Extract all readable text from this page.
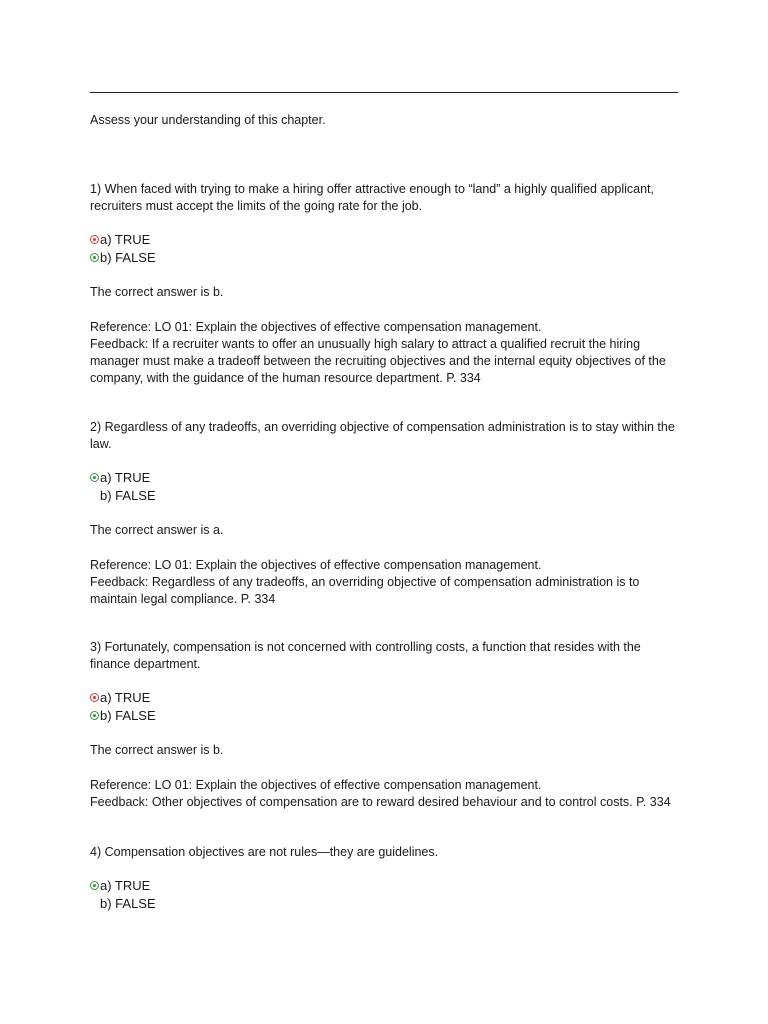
Assess your understanding of this chapter.

1) When faced with trying to make a hiring offer attractive enough to “land” a highly qualified applicant, recruiters must accept the limits of the going rate for the job.

a) TRUE
b) FALSE
The correct answer is b.
Reference: LO 01: Explain the objectives of effective compensation management.

Feedback: If a recruiter wants to offer an unusually high salary to attract a qualified recruit the hiring manager must make a tradeoff between the recruiting objectives and the internal equity objectives of the company, with the guidance of the human resource department. P. 334

2) Regardless of any tradeoffs, an overriding objective of compensation administration is to stay within the law.

a) TRUE
b) FALSE
The correct answer is a.
Reference: LO 01: Explain the objectives of effective compensation management.

Feedback: Regardless of any tradeoffs, an overriding objective of compensation administration is to maintain legal compliance. P. 334

3) Fortunately, compensation is not concerned with controlling costs, a function that resides with the finance department.

a) TRUE
b) FALSE
The correct answer is b.
Reference: LO 01: Explain the objectives of effective compensation management.

Feedback: Other objectives of compensation are to reward desired behaviour and to control costs. P. 334

4) Compensation objectives are not rules—they are guidelines.

a) TRUE
b) FALSE
